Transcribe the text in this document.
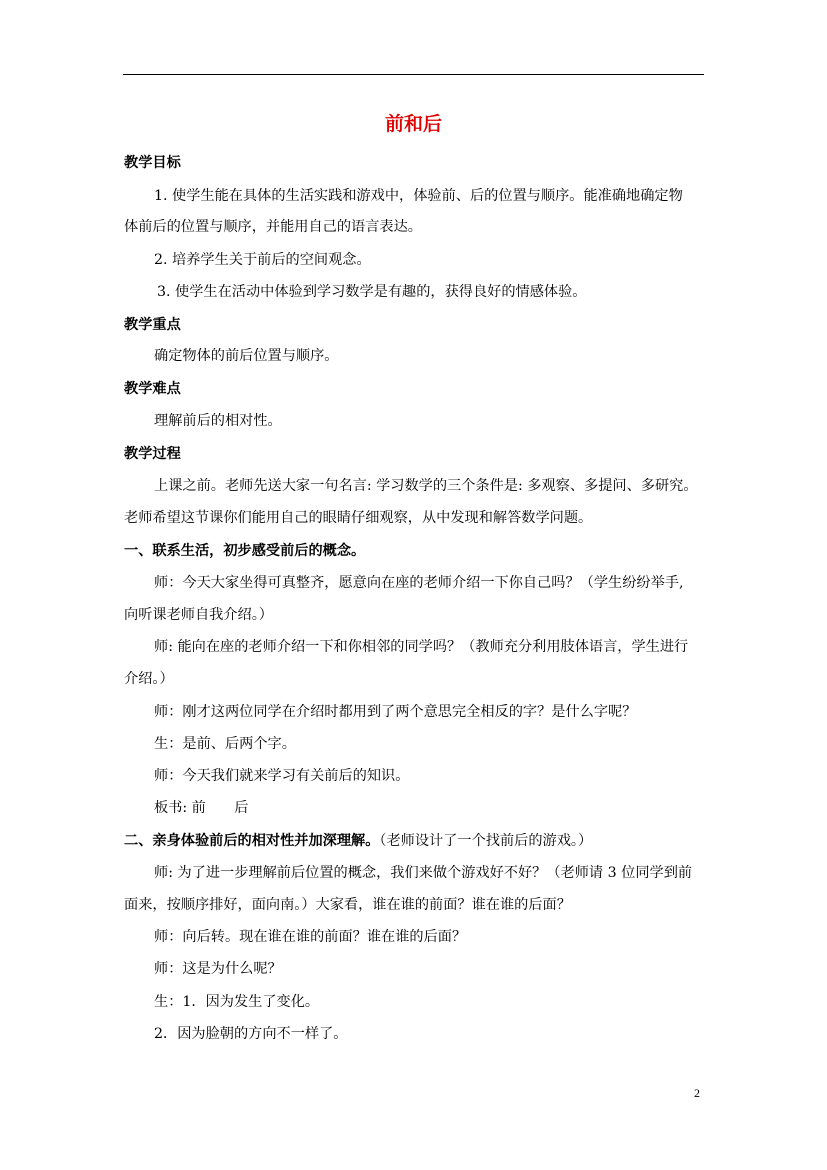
前和后
教学目标
1. 使学生能在具体的生活实践和游戏中，体验前、后的位置与顺序。能准确地确定物
体前后的位置与顺序，并能用自己的语言表达。
2. 培养学生关于前后的空间观念。
3. 使学生在活动中体验到学习数学是有趣的，获得良好的情感体验。
教学重点
确定物体的前后位置与顺序。
教学难点
理解前后的相对性。
教学过程
上课之前。老师先送大家一句名言: 学习数学的三个条件是: 多观察、多提问、多研究。
老师希望这节课你们能用自己的眼睛仔细观察，从中发现和解答数学问题。
一、联系生活，初步感受前后的概念。
师：今天大家坐得可真整齐，愿意向在座的老师介绍一下你自己吗？（学生纷纷举手,
向听课老师自我介绍。）
师: 能向在座的老师介绍一下和你相邻的同学吗？（教师充分利用肢体语言，学生进行
介绍。）
师：刚才这两位同学在介绍时都用到了两个意思完全相反的字？是什么字呢？
生：是前、后两个字。
师：今天我们就来学习有关前后的知识。
板书: 前　　后
二、亲身体验前后的相对性并加深理解。（老师设计了一个找前后的游戏。）
师: 为了进一步理解前后位置的概念，我们来做个游戏好不好？（老师请 3 位同学到前
面来，按顺序排好，面向南。）大家看，谁在谁的前面？谁在谁的后面？
师：向后转。现在谁在谁的前面？谁在谁的后面？
师：这是为什么呢？
生：1．因为发生了变化。
2．因为脸朝的方向不一样了。
2
